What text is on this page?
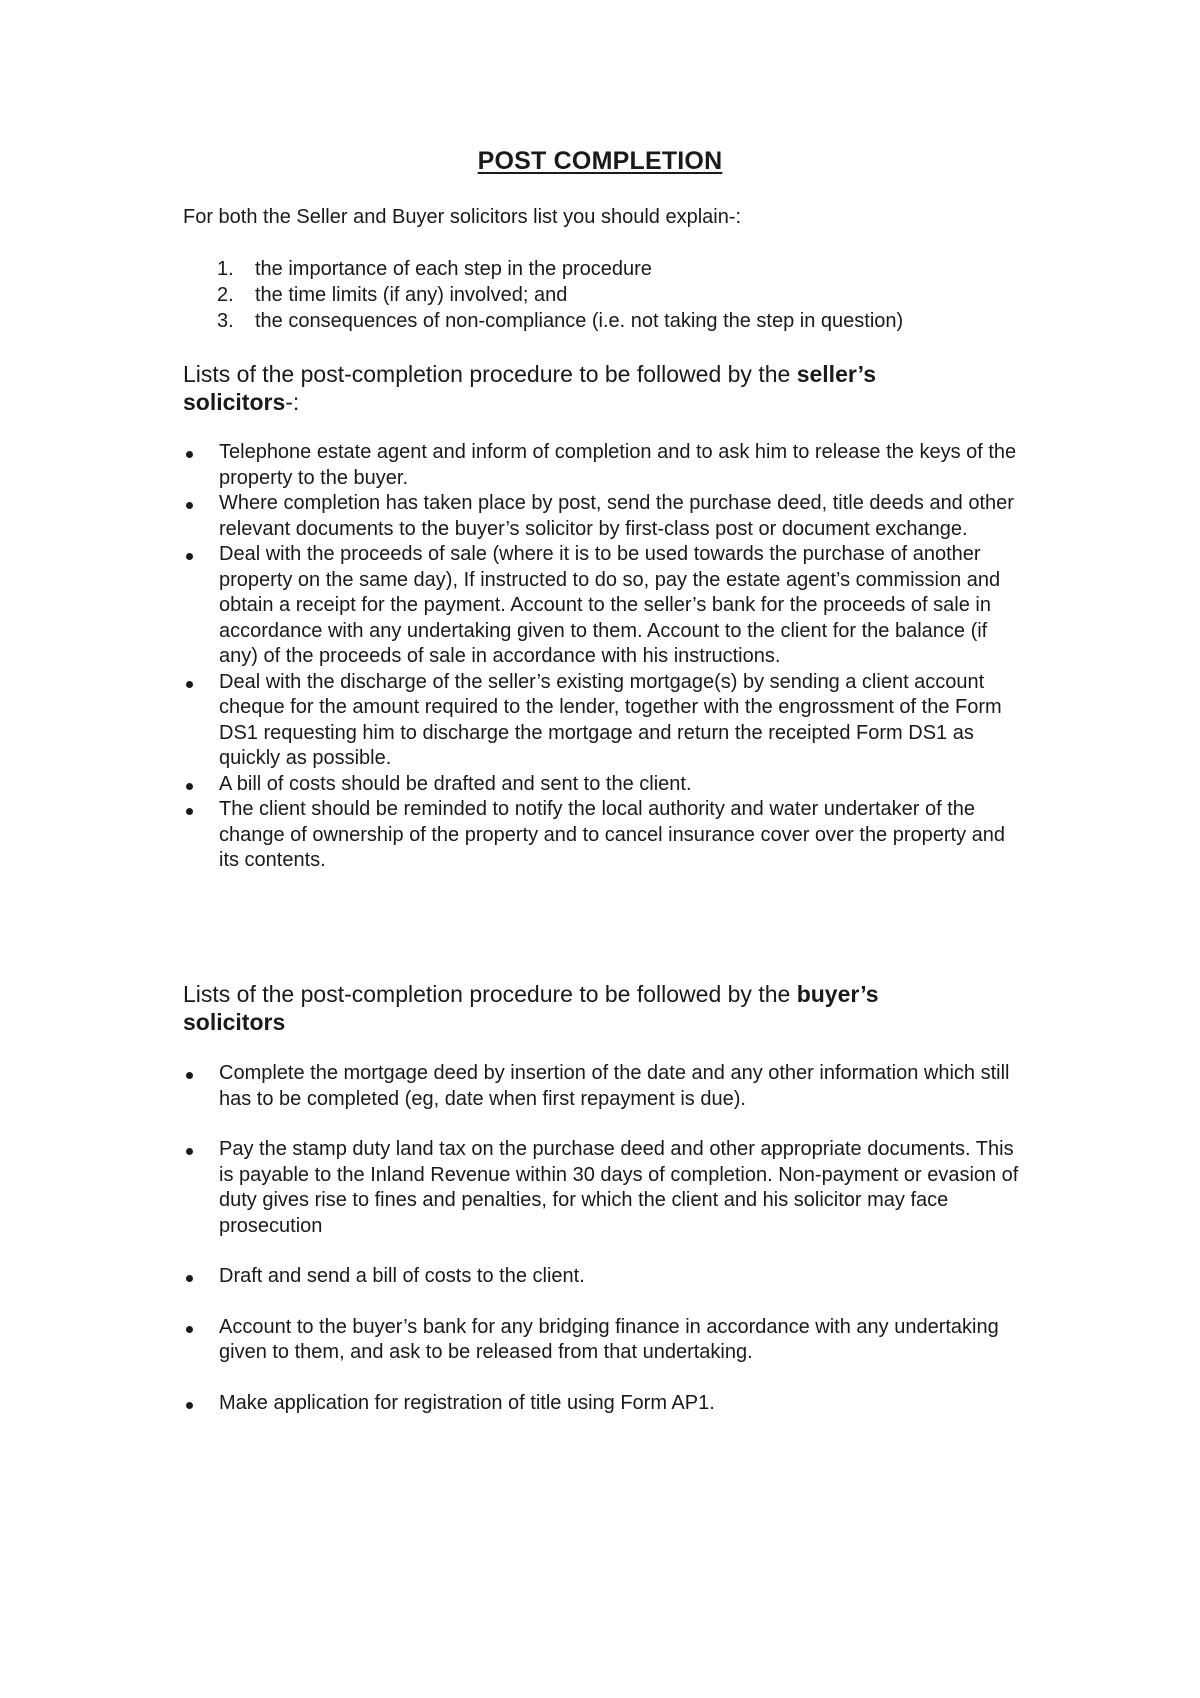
POST COMPLETION

For both the Seller and Buyer solicitors list you should explain-:

1. the importance of each step in the procedure
2. the time limits (if any) involved; and
3. the consequences of non-compliance (i.e. not taking the step in question)

Lists of the post-completion procedure to be followed by the seller’s solicitors-:

Telephone estate agent and inform of completion and to ask him to release the keys of the property to the buyer.
Where completion has taken place by post, send the purchase deed, title deeds and other relevant documents to the buyer’s solicitor by first-class post or document exchange.
Deal with the proceeds of sale (where it is to be used towards the purchase of another property on the same day), If instructed to do so, pay the estate agent’s commission and obtain a receipt for the payment. Account to the seller’s bank for the proceeds of sale in accordance with any undertaking given to them. Account to the client for the balance (if any) of the proceeds of sale in accordance with his instructions.
Deal with the discharge of the seller’s existing mortgage(s) by sending a client account cheque for the amount required to the lender, together with the engrossment of the Form DS1 requesting him to discharge the mortgage and return the receipted Form DS1 as quickly as possible.
A bill of costs should be drafted and sent to the client.
The client should be reminded to notify the local authority and water undertaker of the change of ownership of the property and to cancel insurance cover over the property and its contents.

Lists of the post-completion procedure to be followed by the buyer’s solicitors

Complete the mortgage deed by insertion of the date and any other information which still has to be completed (eg, date when first repayment is due).
Pay the stamp duty land tax on the purchase deed and other appropriate documents. This is payable to the Inland Revenue within 30 days of completion. Non-payment or evasion of duty gives rise to fines and penalties, for which the client and his solicitor may face prosecution
Draft and send a bill of costs to the client.
Account to the buyer’s bank for any bridging finance in accordance with any undertaking given to them, and ask to be released from that undertaking.
Make application for registration of title using Form AP1.
